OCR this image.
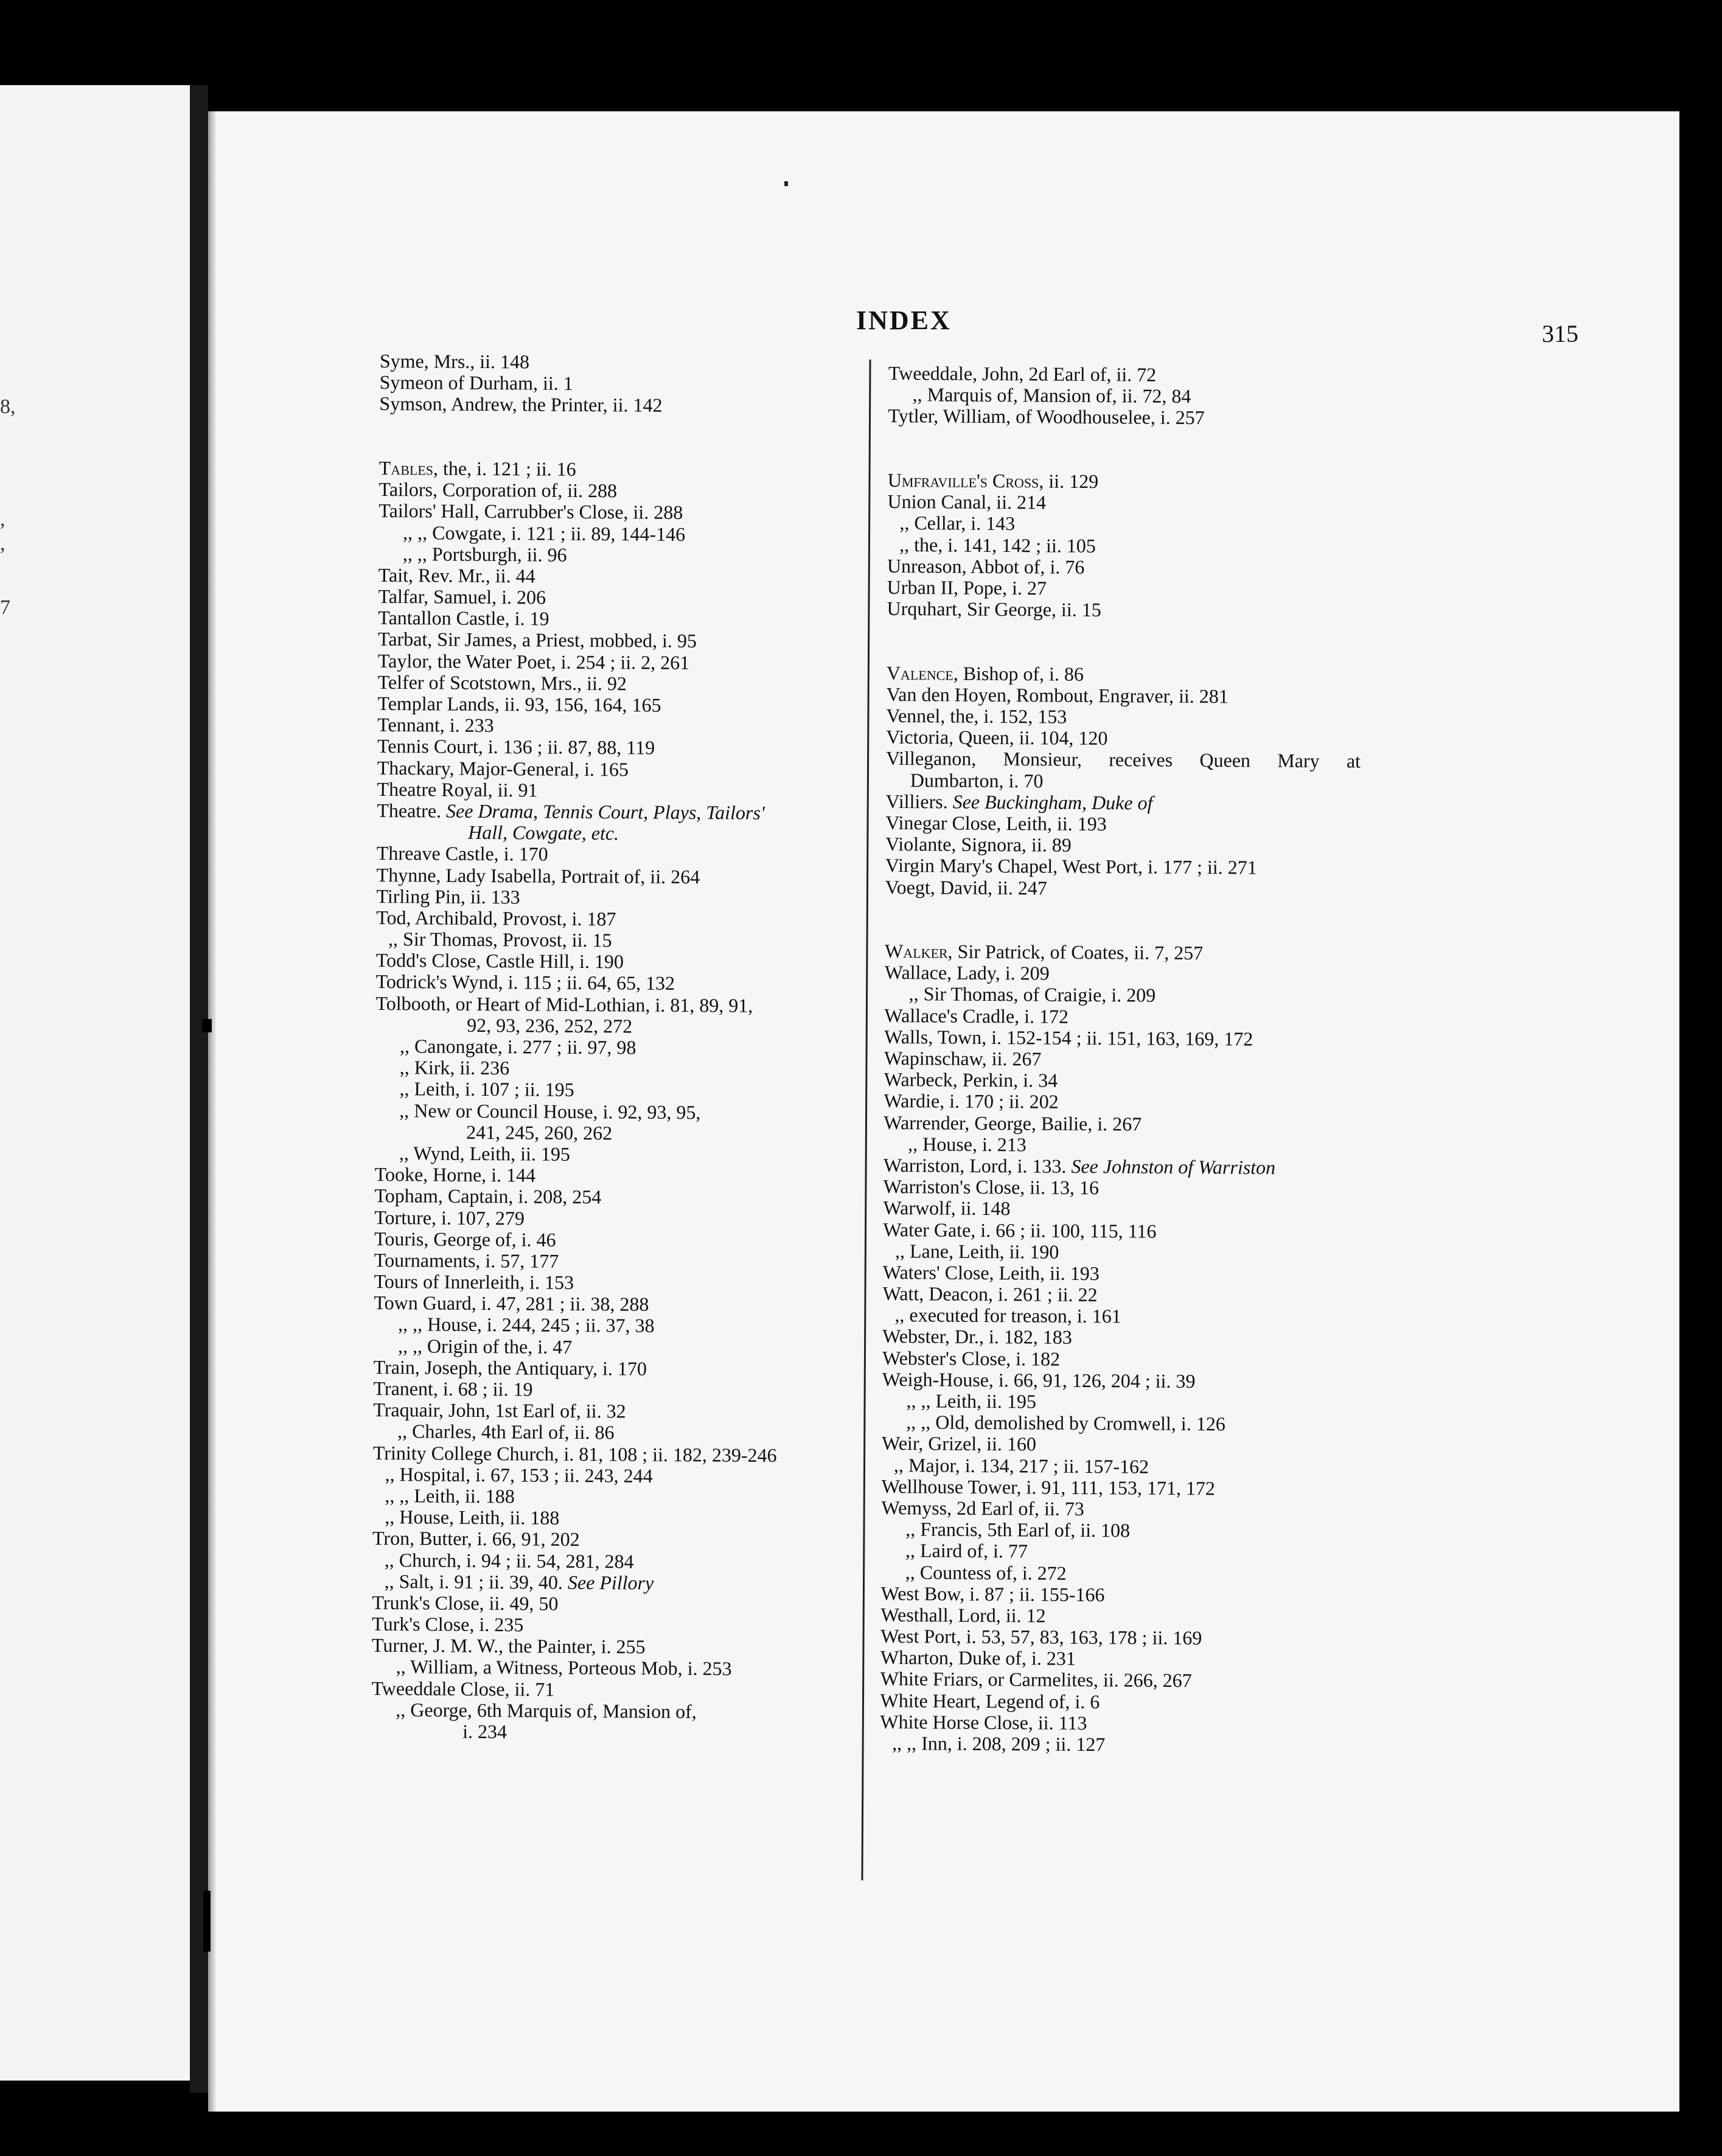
8,
,
,
7
INDEX	315
Syme, Mrs., ii. 148
Symeon of Durham, ii. 1
Symson, Andrew, the Printer, ii. 142
Tables, the, i. 121 ; ii. 16
Tailors, Corporation of, ii. 288
Tailors' Hall, Carrubber's Close, ii. 288
,, ,, Cowgate, i. 121 ; ii. 89, 144-146
,, ,, Portsburgh, ii. 96
Tait, Rev. Mr., ii. 44
Talfar, Samuel, i. 206
Tantallon Castle, i. 19
Tarbat, Sir James, a Priest, mobbed, i. 95
Taylor, the Water Poet, i. 254 ; ii. 2, 261
Telfer of Scotstown, Mrs., ii. 92
Templar Lands, ii. 93, 156, 164, 165
Tennant, i. 233
Tennis Court, i. 136 ; ii. 87, 88, 119
Thackary, Major-General, i. 165
Theatre Royal, ii. 91
Theatre. See Drama, Tennis Court, Plays, Tailors'
Hall, Cowgate, etc.
Threave Castle, i. 170
Thynne, Lady Isabella, Portrait of, ii. 264
Tirling Pin, ii. 133
Tod, Archibald, Provost, i. 187
,, Sir Thomas, Provost, ii. 15
Todd's Close, Castle Hill, i. 190
Todrick's Wynd, i. 115 ; ii. 64, 65, 132
Tolbooth, or Heart of Mid-Lothian, i. 81, 89, 91,
92, 93, 236, 252, 272
,, Canongate, i. 277 ; ii. 97, 98
,, Kirk, ii. 236
,, Leith, i. 107 ; ii. 195
,, New or Council House, i. 92, 93, 95,
241, 245, 260, 262
,, Wynd, Leith, ii. 195
Tooke, Horne, i. 144
Topham, Captain, i. 208, 254
Torture, i. 107, 279
Touris, George of, i. 46
Tournaments, i. 57, 177
Tours of Innerleith, i. 153
Town Guard, i. 47, 281 ; ii. 38, 288
,, ,, House, i. 244, 245 ; ii. 37, 38
,, ,, Origin of the, i. 47
Train, Joseph, the Antiquary, i. 170
Tranent, i. 68 ; ii. 19
Traquair, John, 1st Earl of, ii. 32
,, Charles, 4th Earl of, ii. 86
Trinity College Church, i. 81, 108 ; ii. 182, 239-246
,, Hospital, i. 67, 153 ; ii. 243, 244
,, ,, Leith, ii. 188
,, House, Leith, ii. 188
Tron, Butter, i. 66, 91, 202
,, Church, i. 94 ; ii. 54, 281, 284
,, Salt, i. 91 ; ii. 39, 40. See Pillory
Trunk's Close, ii. 49, 50
Turk's Close, i. 235
Turner, J. M. W., the Painter, i. 255
,, William, a Witness, Porteous Mob, i. 253
Tweeddale Close, ii. 71
,, George, 6th Marquis of, Mansion of,
i. 234
Tweeddale, John, 2d Earl of, ii. 72
,, Marquis of, Mansion of, ii. 72, 84
Tytler, William, of Woodhouselee, i. 257
Umfraville's Cross, ii. 129
Union Canal, ii. 214
,, Cellar, i. 143
,, the, i. 141, 142 ; ii. 105
Unreason, Abbot of, i. 76
Urban II, Pope, i. 27
Urquhart, Sir George, ii. 15
Valence, Bishop of, i. 86
Van den Hoyen, Rombout, Engraver, ii. 281
Vennel, the, i. 152, 153
Victoria, Queen, ii. 104, 120
Villeganon, Monsieur, receives Queen Mary at
Dumbarton, i. 70
Villiers. See Buckingham, Duke of
Vinegar Close, Leith, ii. 193
Violante, Signora, ii. 89
Virgin Mary's Chapel, West Port, i. 177 ; ii. 271
Voegt, David, ii. 247
Walker, Sir Patrick, of Coates, ii. 7, 257
Wallace, Lady, i. 209
,, Sir Thomas, of Craigie, i. 209
Wallace's Cradle, i. 172
Walls, Town, i. 152-154 ; ii. 151, 163, 169, 172
Wapinschaw, ii. 267
Warbeck, Perkin, i. 34
Wardie, i. 170 ; ii. 202
Warrender, George, Bailie, i. 267
,, House, i. 213
Warriston, Lord, i. 133. See Johnston of Warriston
Warriston's Close, ii. 13, 16
Warwolf, ii. 148
Water Gate, i. 66 ; ii. 100, 115, 116
,, Lane, Leith, ii. 190
Waters' Close, Leith, ii. 193
Watt, Deacon, i. 261 ; ii. 22
,, executed for treason, i. 161
Webster, Dr., i. 182, 183
Webster's Close, i. 182
Weigh-House, i. 66, 91, 126, 204 ; ii. 39
,, ,, Leith, ii. 195
,, ,, Old, demolished by Cromwell, i. 126
Weir, Grizel, ii. 160
,, Major, i. 134, 217 ; ii. 157-162
Wellhouse Tower, i. 91, 111, 153, 171, 172
Wemyss, 2d Earl of, ii. 73
,, Francis, 5th Earl of, ii. 108
,, Laird of, i. 77
,, Countess of, i. 272
West Bow, i. 87 ; ii. 155-166
Westhall, Lord, ii. 12
West Port, i. 53, 57, 83, 163, 178 ; ii. 169
Wharton, Duke of, i. 231
White Friars, or Carmelites, ii. 266, 267
White Heart, Legend of, i. 6
White Horse Close, ii. 113
,, ,, Inn, i. 208, 209 ; ii. 127
